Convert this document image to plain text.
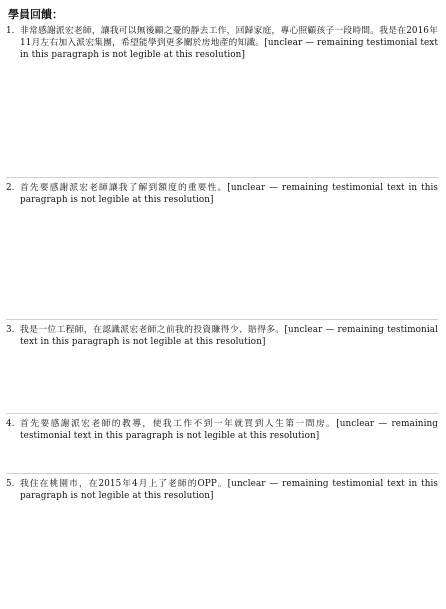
學員回饋：
1. 非常感謝派宏老師，讓我可以無後顧之憂的靜去工作，回歸家庭，專心照顧孩子一段時間。我是在2016年11月左右加入派宏集團，希望能學到更多關於房地產的知識。[unclear — remaining testimonial text in this paragraph is not legible at this resolution]
2. 首先要感謝派宏老師讓我了解到額度的重要性。[unclear — remaining testimonial text in this paragraph is not legible at this resolution]
3. 我是一位工程師，在認識派宏老師之前我的投資賺得少、賠得多。[unclear — remaining testimonial text in this paragraph is not legible at this resolution]
4. 首先要感謝派宏老師的教導，使我工作不到一年就買到人生第一間房。[unclear — remaining testimonial text in this paragraph is not legible at this resolution]
5. 我住在桃園市，在2015年4月上了老師的OPP。[unclear — remaining testimonial text in this paragraph is not legible at this resolution]
